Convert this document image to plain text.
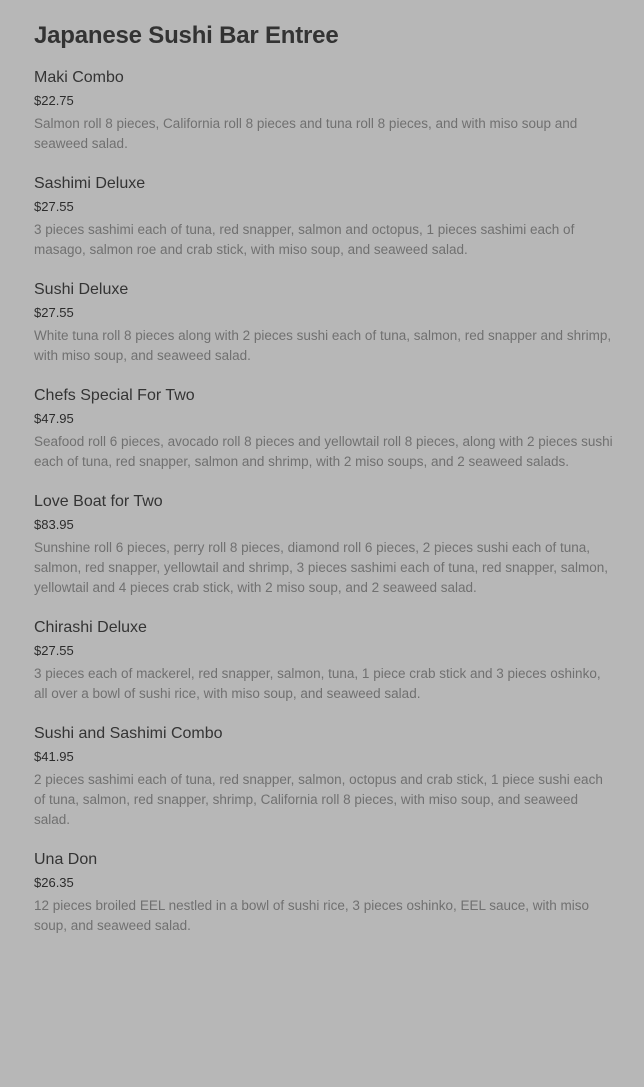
Japanese Sushi Bar Entree
Maki Combo
$22.75
Salmon roll 8 pieces, California roll 8 pieces and tuna roll 8 pieces, and with miso soup and seaweed salad.
Sashimi Deluxe
$27.55
3 pieces sashimi each of tuna, red snapper, salmon and octopus, 1 pieces sashimi each of masago, salmon roe and crab stick, with miso soup, and seaweed salad.
Sushi Deluxe
$27.55
White tuna roll 8 pieces along with 2 pieces sushi each of tuna, salmon, red snapper and shrimp, with miso soup, and seaweed salad.
Chefs Special For Two
$47.95
Seafood roll 6 pieces, avocado roll 8 pieces and yellowtail roll 8 pieces, along with 2 pieces sushi each of tuna, red snapper, salmon and shrimp, with 2 miso soups, and 2 seaweed salads.
Love Boat for Two
$83.95
Sunshine roll 6 pieces, perry roll 8 pieces, diamond roll 6 pieces, 2 pieces sushi each of tuna, salmon, red snapper, yellowtail and shrimp, 3 pieces sashimi each of tuna, red snapper, salmon, yellowtail and 4 pieces crab stick, with 2 miso soup, and 2 seaweed salad.
Chirashi Deluxe
$27.55
3 pieces each of mackerel, red snapper, salmon, tuna, 1 piece crab stick and 3 pieces oshinko, all over a bowl of sushi rice, with miso soup, and seaweed salad.
Sushi and Sashimi Combo
$41.95
2 pieces sashimi each of tuna, red snapper, salmon, octopus and crab stick, 1 piece sushi each of tuna, salmon, red snapper, shrimp, California roll 8 pieces, with miso soup, and seaweed salad.
Una Don
$26.35
12 pieces broiled EEL nestled in a bowl of sushi rice, 3 pieces oshinko, EEL sauce, with miso soup, and seaweed salad.
